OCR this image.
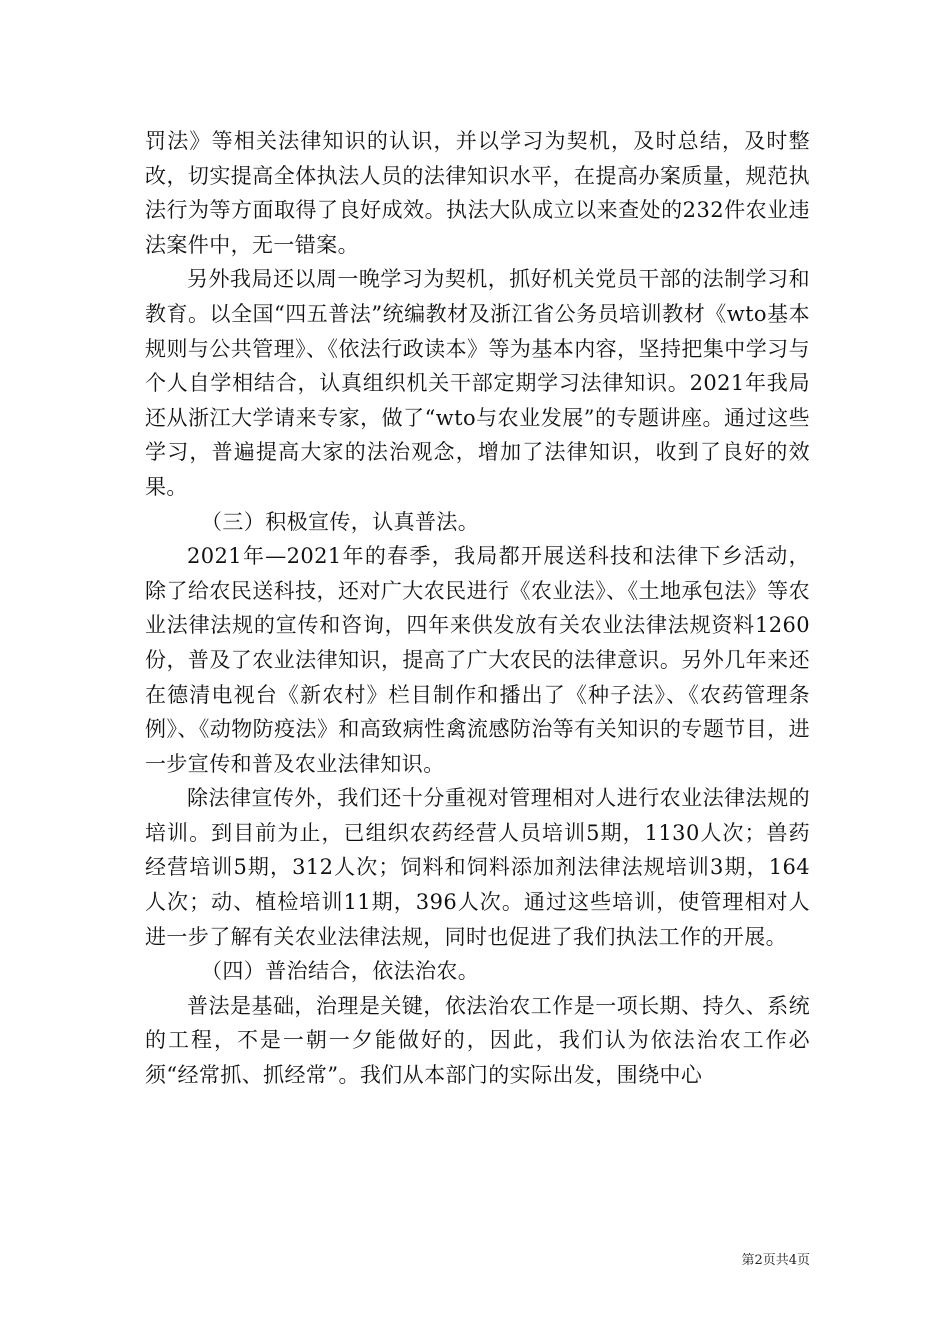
罚法》等相关法律知识的认识，并以学习为契机，及时总结，及时整改，切实提高全体执法人员的法律知识水平，在提高办案质量，规范执法行为等方面取得了良好成效。执法大队成立以来查处的232件农业违法案件中，无一错案。

另外我局还以周一晚学习为契机，抓好机关党员干部的法制学习和教育。以全国“四五普法”统编教材及浙江省公务员培训教材《wto基本规则与公共管理》、《依法行政读本》等为基本内容，坚持把集中学习与个人自学相结合，认真组织机关干部定期学习法律知识。2021年我局还从浙江大学请来专家，做了“wto与农业发展”的专题讲座。通过这些学习，普遍提高大家的法治观念，增加了法律知识，收到了良好的效果。

（三）积极宣传，认真普法。

2021年—2021年的春季，我局都开展送科技和法律下乡活动，除了给农民送科技，还对广大农民进行《农业法》、《土地承包法》等农业法律法规的宣传和咨询，四年来供发放有关农业法律法规资料1260份，普及了农业法律知识，提高了广大农民的法律意识。另外几年来还在德清电视台《新农村》栏目制作和播出了《种子法》、《农药管理条例》、《动物防疫法》和高致病性禽流感防治等有关知识的专题节目，进一步宣传和普及农业法律知识。

除法律宣传外，我们还十分重视对管理相对人进行农业法律法规的培训。到目前为止，已组织农药经营人员培训5期，1130人次；兽药经营培训5期，312人次；饲料和饲料添加剂法律法规培训3期，164人次；动、植检培训11期，396人次。通过这些培训，使管理相对人进一步了解有关农业法律法规，同时也促进了我们执法工作的开展。

（四）普治结合，依法治农。

普法是基础，治理是关键，依法治农工作是一项长期、持久、系统的工程，不是一朝一夕能做好的，因此，我们认为依法治农工作必须“经常抓、抓经常”。我们从本部门的实际出发，围绕中心

第2页共4页
